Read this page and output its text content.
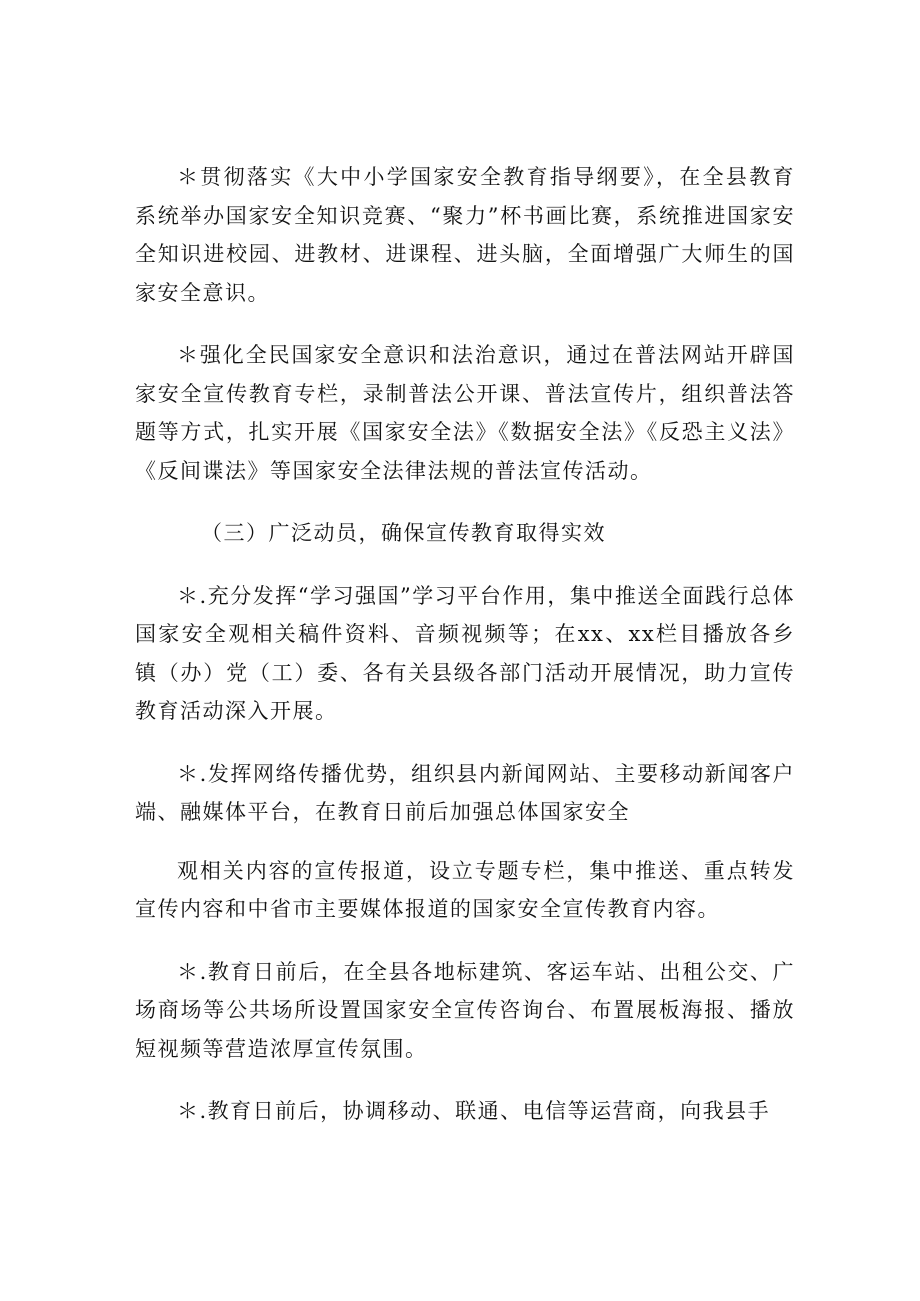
＊贯彻落实《大中小学国家安全教育指导纲要》，在全县教育系统举办国家安全知识竞赛、“聚力”杯书画比赛，系统推进国家安全知识进校园、进教材、进课程、进头脑，全面增强广大师生的国家安全意识。

＊强化全民国家安全意识和法治意识，通过在普法网站开辟国家安全宣传教育专栏，录制普法公开课、普法宣传片，组织普法答题等方式，扎实开展《国家安全法》《数据安全法》《反恐主义法》《反间谍法》等国家安全法律法规的普法宣传活动。

（三）广泛动员，确保宣传教育取得实效

＊.充分发挥“学习强国”学习平台作用，集中推送全面践行总体国家安全观相关稿件资料、音频视频等；在xx、xx栏目播放各乡镇（办）党（工）委、各有关县级各部门活动开展情况，助力宣传教育活动深入开展。

＊.发挥网络传播优势，组织县内新闻网站、主要移动新闻客户端、融媒体平台，在教育日前后加强总体国家安全

观相关内容的宣传报道，设立专题专栏，集中推送、重点转发宣传内容和中省市主要媒体报道的国家安全宣传教育内容。

＊.教育日前后，在全县各地标建筑、客运车站、出租公交、广场商场等公共场所设置国家安全宣传咨询台、布置展板海报、播放短视频等营造浓厚宣传氛围。

＊.教育日前后，协调移动、联通、电信等运营商，向我县手
